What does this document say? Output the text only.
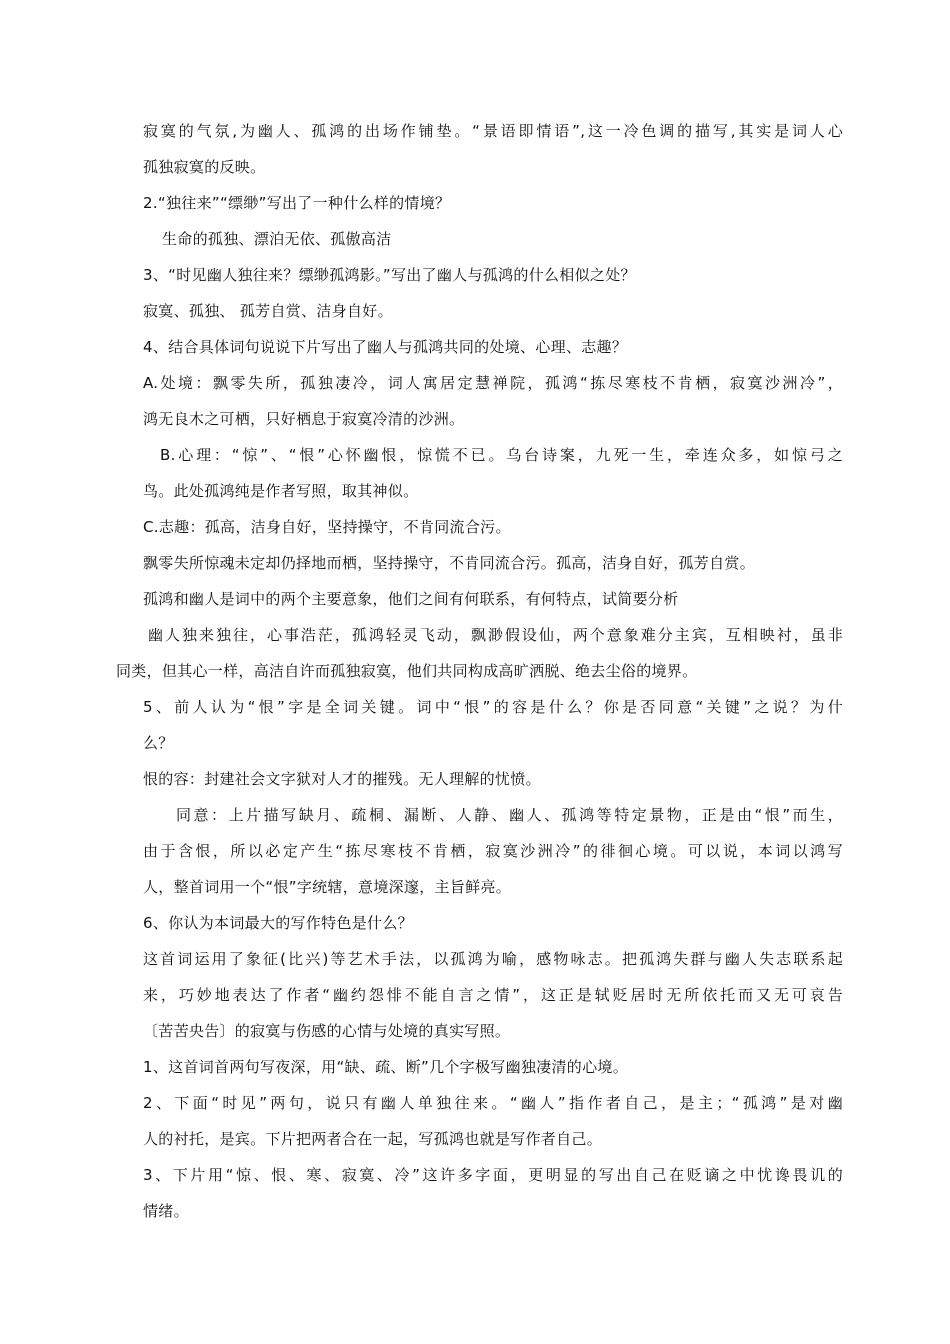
寂寞的气氛,为幽人、孤鸿的出场作铺垫。“景语即情语”,这一冷色调的描写,其实是词人心
孤独寂寞的反映。
2.“独往来”“缥缈”写出了一种什么样的情境？
生命的孤独、漂泊无依、孤傲高洁
3、“时见幽人独往来？缥缈孤鸿影。”写出了幽人与孤鸿的什么相似之处？
寂寞、孤独、 孤芳自赏、洁身自好。
4、结合具体词句说说下片写出了幽人与孤鸿共同的处境、心理、志趣？
A.处境：飘零失所，孤独凄冷，词人寓居定慧禅院，孤鸿“拣尽寒枝不肯栖，寂寞沙洲冷”，
鸿无良木之可栖，只好栖息于寂寞冷清的沙洲。
B.心理：“惊”、“恨”心怀幽恨，惊慌不已。乌台诗案，九死一生，牵连众多，如惊弓之
鸟。此处孤鸿纯是作者写照，取其神似。
C.志趣：孤高，洁身自好，坚持操守，不肯同流合污。
飘零失所惊魂未定却仍择地而栖，坚持操守，不肯同流合污。孤高，洁身自好，孤芳自赏。
孤鸿和幽人是词中的两个主要意象，他们之间有何联系，有何特点，试简要分析
幽人独来独往，心事浩茫，孤鸿轻灵飞动，飘渺假设仙，两个意象难分主宾，互相映衬，虽非
同类，但其心一样，高洁自许而孤独寂寞，他们共同构成高旷洒脱、绝去尘俗的境界。
5、前人认为“恨”字是全词关键。词中“恨”的容是什么？你是否同意“关键”之说？为什
么？
恨的容：封建社会文字狱对人才的摧残。无人理解的忧愤。
同意：上片描写缺月、疏桐、漏断、人静、幽人、孤鸿等特定景物，正是由“恨”而生，
由于含恨，所以必定产生“拣尽寒枝不肯栖，寂寞沙洲冷”的徘徊心境。可以说，本词以鸿写
人，整首词用一个“恨”字统辖，意境深邃，主旨鲜亮。
6、你认为本词最大的写作特色是什么？
这首词运用了象征(比兴)等艺术手法，以孤鸿为喻，感物咏志。把孤鸿失群与幽人失志联系起
来，巧妙地表达了作者“幽约怨悱不能自言之情”，这正是轼贬居时无所依托而又无可哀告
〔苦苦央告〕的寂寞与伤感的心情与处境的真实写照。
1、这首词首两句写夜深，用“缺、疏、断”几个字极写幽独凄清的心境。
2、下面“时见”两句，说只有幽人单独往来。“幽人”指作者自己，是主；“孤鸿”是对幽
人的衬托，是宾。下片把两者合在一起，写孤鸿也就是写作者自己。
3、下片用“惊、恨、寒、寂寞、冷”这许多字面，更明显的写出自己在贬谪之中忧谗畏讥的
情绪。
